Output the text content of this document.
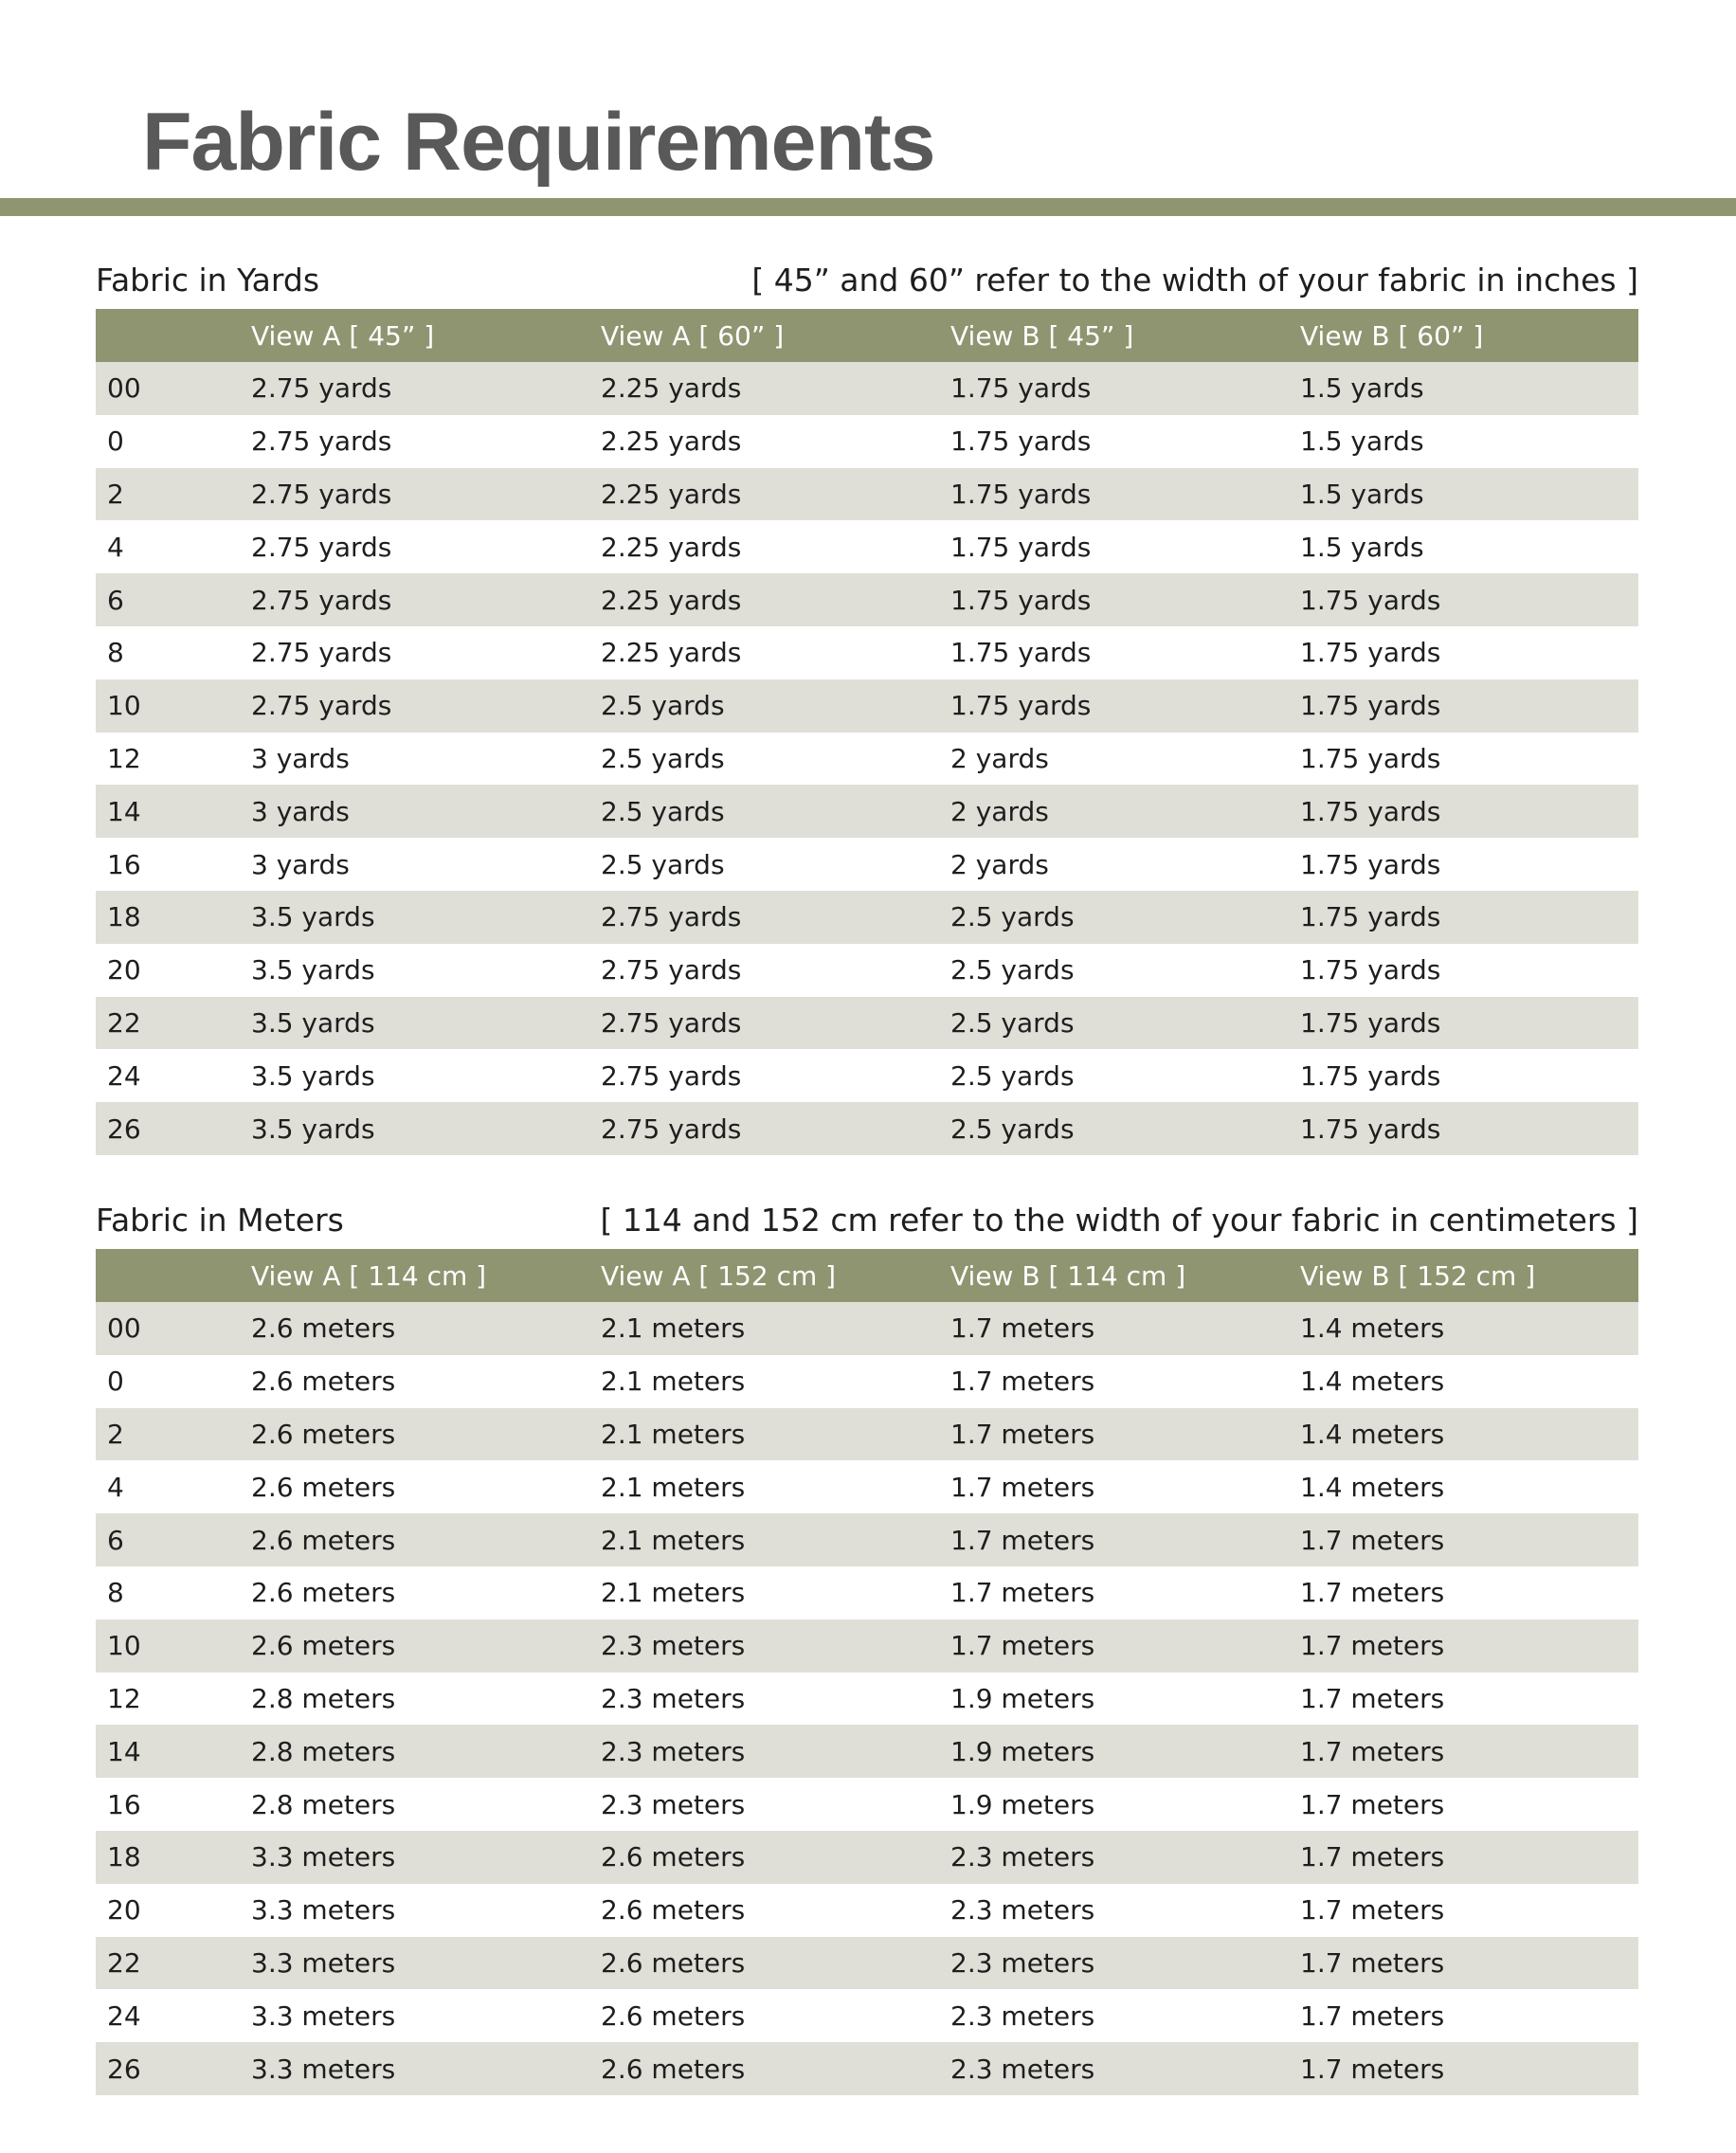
Fabric Requirements
Fabric in Yards	[ 45” and 60” refer to the width of your fabric in inches ]

	View A [ 45” ]	View A [ 60” ]	View B [ 45” ]	View B [ 60” ]
00	2.75 yards	2.25 yards	1.75 yards	1.5 yards
0	2.75 yards	2.25 yards	1.75 yards	1.5 yards
2	2.75 yards	2.25 yards	1.75 yards	1.5 yards
4	2.75 yards	2.25 yards	1.75 yards	1.5 yards
6	2.75 yards	2.25 yards	1.75 yards	1.75 yards
8	2.75 yards	2.25 yards	1.75 yards	1.75 yards
10	2.75 yards	2.5 yards	1.75 yards	1.75 yards
12	3 yards	2.5 yards	2 yards	1.75 yards
14	3 yards	2.5 yards	2 yards	1.75 yards
16	3 yards	2.5 yards	2 yards	1.75 yards
18	3.5 yards	2.75 yards	2.5 yards	1.75 yards
20	3.5 yards	2.75 yards	2.5 yards	1.75 yards
22	3.5 yards	2.75 yards	2.5 yards	1.75 yards
24	3.5 yards	2.75 yards	2.5 yards	1.75 yards
26	3.5 yards	2.75 yards	2.5 yards	1.75 yards
Fabric in Meters	[ 114 and 152 cm refer to the width of your fabric in centimeters ]

	View A [ 114 cm ]	View A [ 152 cm ]	View B [ 114 cm ]	View B [ 152 cm ]
00	2.6 meters	2.1 meters	1.7 meters	1.4 meters
0	2.6 meters	2.1 meters	1.7 meters	1.4 meters
2	2.6 meters	2.1 meters	1.7 meters	1.4 meters
4	2.6 meters	2.1 meters	1.7 meters	1.4 meters
6	2.6 meters	2.1 meters	1.7 meters	1.7 meters
8	2.6 meters	2.1 meters	1.7 meters	1.7 meters
10	2.6 meters	2.3 meters	1.7 meters	1.7 meters
12	2.8 meters	2.3 meters	1.9 meters	1.7 meters
14	2.8 meters	2.3 meters	1.9 meters	1.7 meters
16	2.8 meters	2.3 meters	1.9 meters	1.7 meters
18	3.3 meters	2.6 meters	2.3 meters	1.7 meters
20	3.3 meters	2.6 meters	2.3 meters	1.7 meters
22	3.3 meters	2.6 meters	2.3 meters	1.7 meters
24	3.3 meters	2.6 meters	2.3 meters	1.7 meters
26	3.3 meters	2.6 meters	2.3 meters	1.7 meters
